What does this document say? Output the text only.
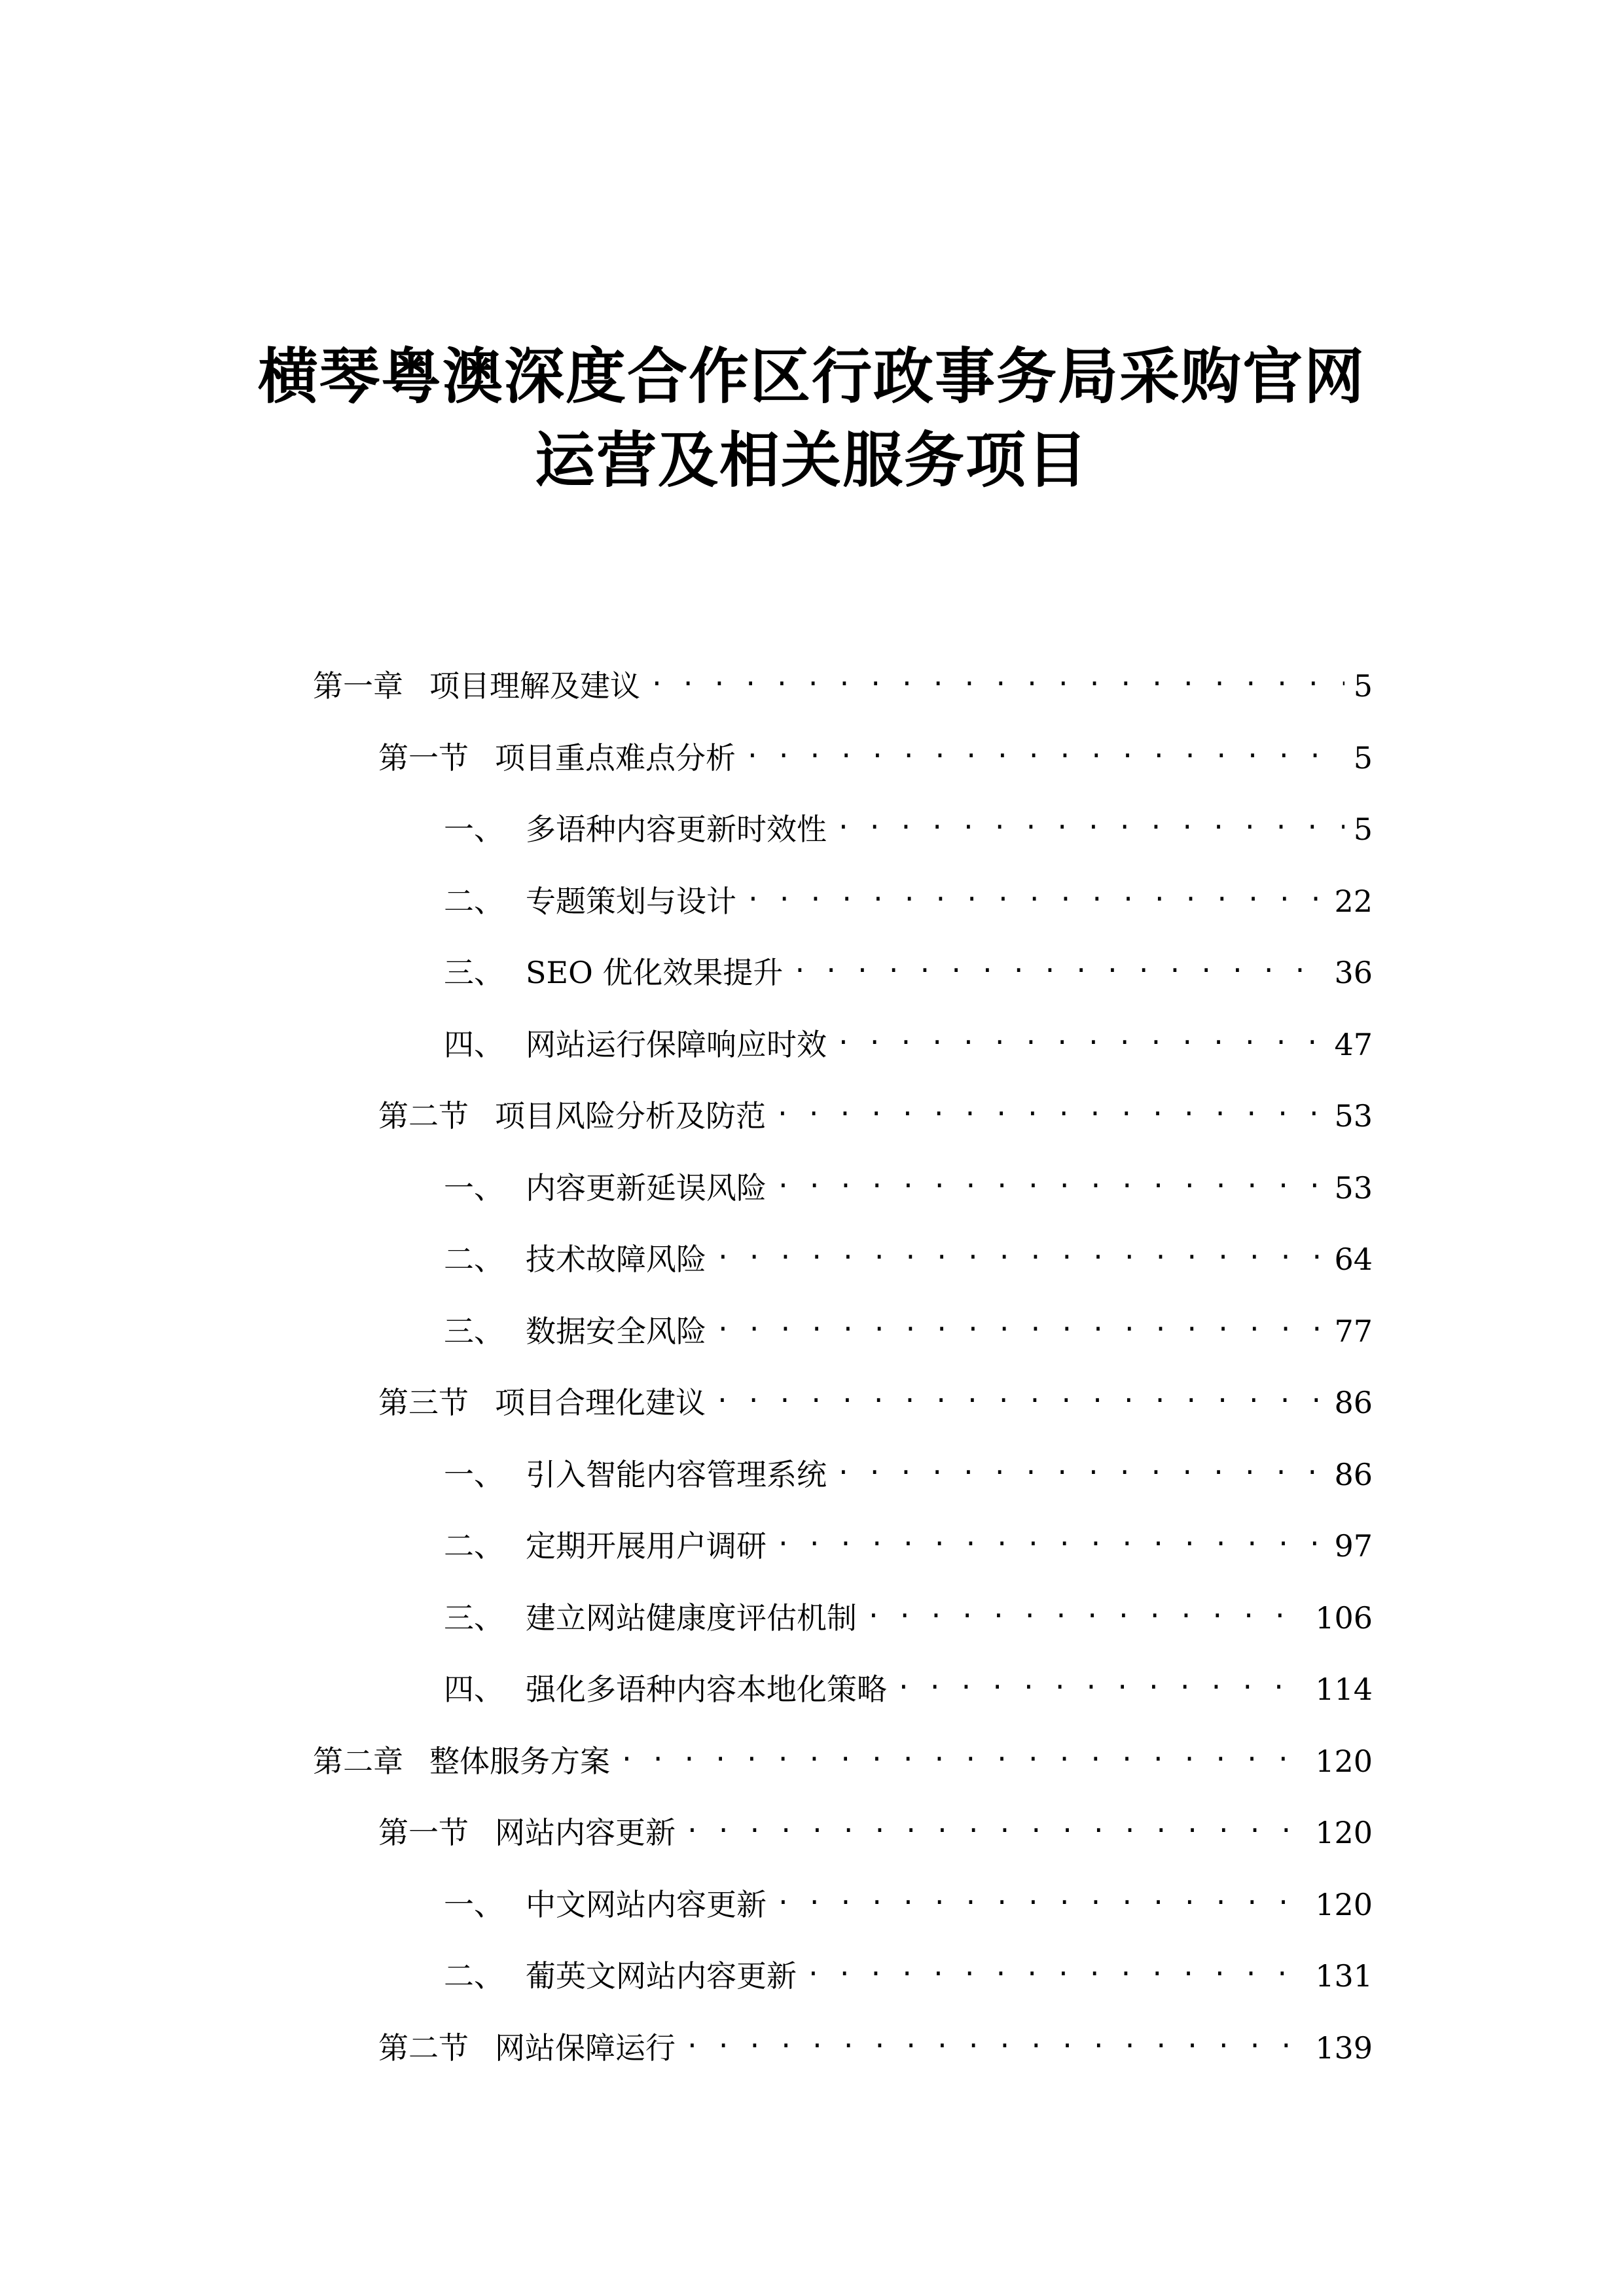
横琴粤澳深度合作区行政事务局采购官网
运营及相关服务项目
第一章 项目理解及建议 . . .	5
第一节 项目重点难点分析 . . .	5
一、 多语种内容更新时效性 . . .	5
二、 专题策划与设计 . . .	22
三、 SEO 优化效果提升 . . .	36
四、 网站运行保障响应时效 . . .	47
第二节 项目风险分析及防范 . . .	53
一、 内容更新延误风险 . . .	53
二、 技术故障风险 . . .	64
三、 数据安全风险 . . .	77
第三节 项目合理化建议 . . .	86
一、 引入智能内容管理系统 . . .	86
二、 定期开展用户调研 . . .	97
三、 建立网站健康度评估机制 . . .	106
四、 强化多语种内容本地化策略 . . .	114
第二章 整体服务方案 . . .	120
第一节 网站内容更新 . . .	120
一、 中文网站内容更新 . . .	120
二、 葡英文网站内容更新 . . .	131
第二节 网站保障运行 . . .	139
